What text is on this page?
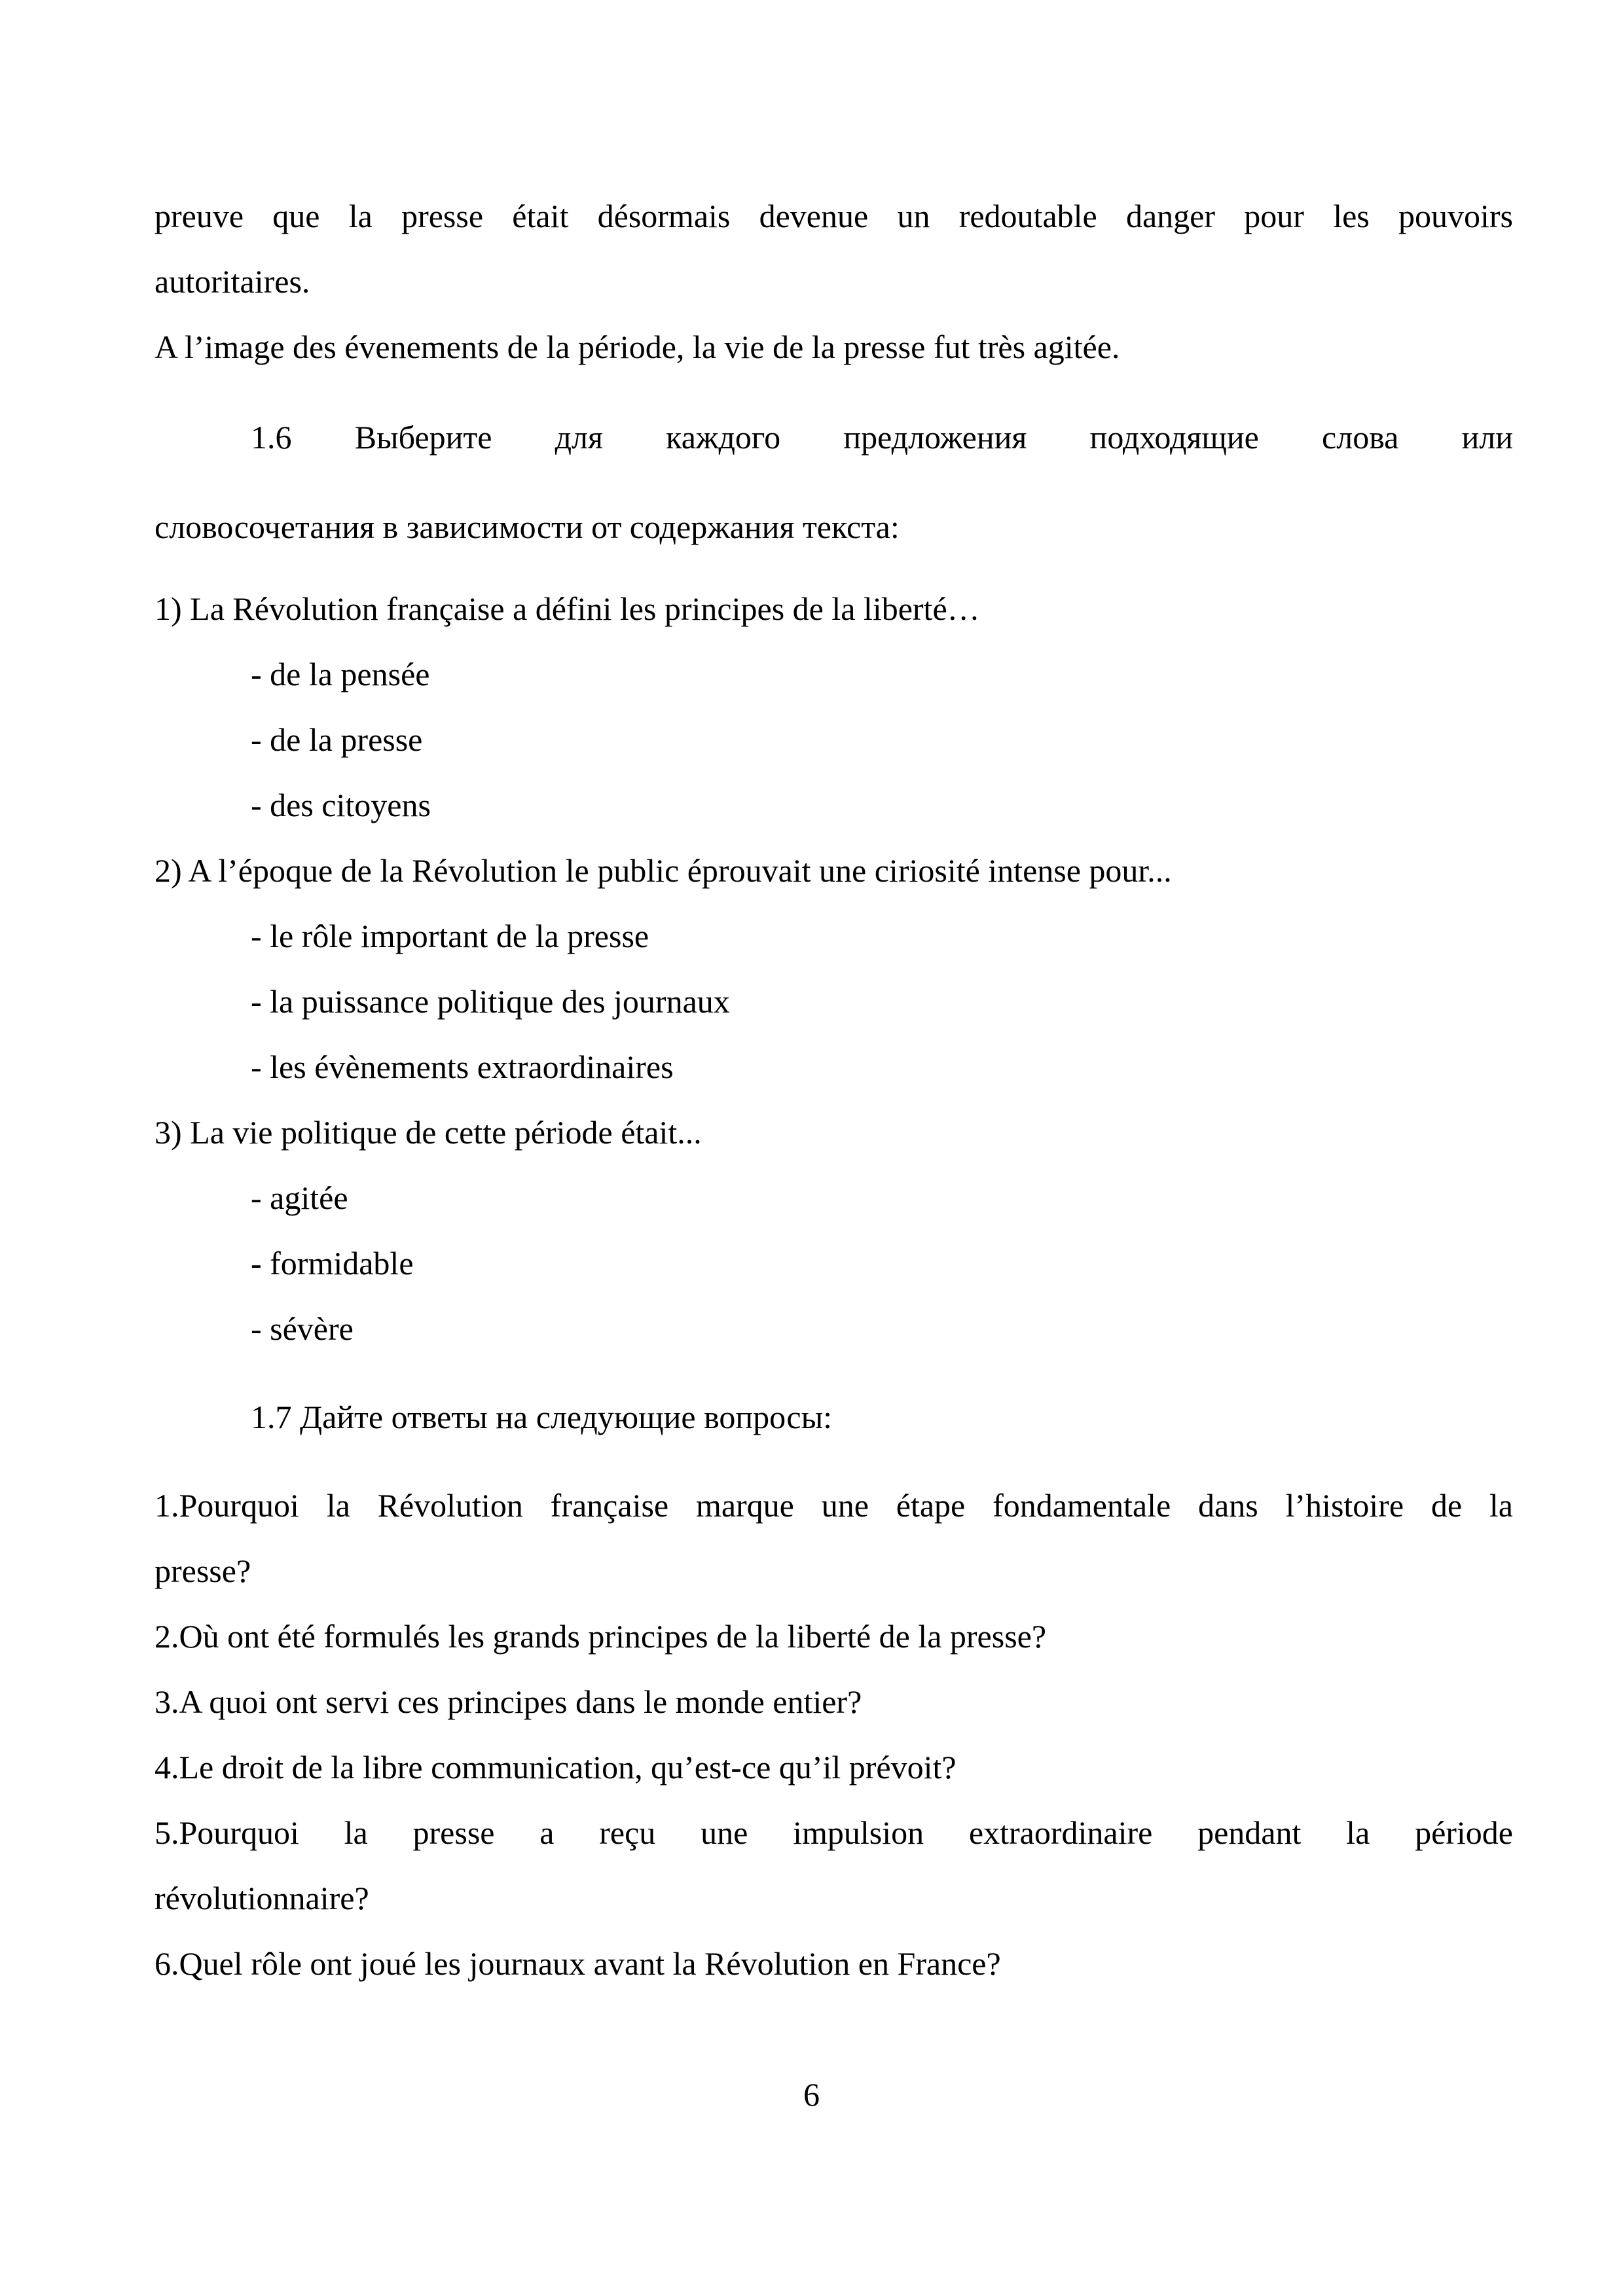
preuve que la presse était désormais devenue un redoutable danger pour les pouvoirs
autoritaires.
A l’image des évenements de la période, la vie de la presse fut très agitée.
1.6 Выберите для каждого предложения подходящие слова или
словосочетания в зависимости от содержания текста:
1) La Révolution française a défini les principes de la liberté…
- de la pensée
- de la presse
- des citoyens
2) A l’époque de la Révolution le public éprouvait une ciriosité intense pour...
- le rôle important de la presse
- la puissance politique des journaux
- les évènements extraordinaires
3) La vie politique de cette période était...
- agitée
- formidable
- sévère
1.7 Дайте ответы на следующие вопросы:
1.Pourquoi la Révolution française marque une étape fondamentale dans l’histoire de la
presse?
2.Où ont été formulés les grands principes de la liberté de la presse?
3.A quoi ont servi ces principes dans le monde entier?
4.Le droit de la libre communication, qu’est-ce qu’il prévoit?
5.Pourquoi la presse a reçu une impulsion extraordinaire pendant la période
révolutionnaire?
6.Quel rôle ont joué les journaux avant la Révolution en France?
6
